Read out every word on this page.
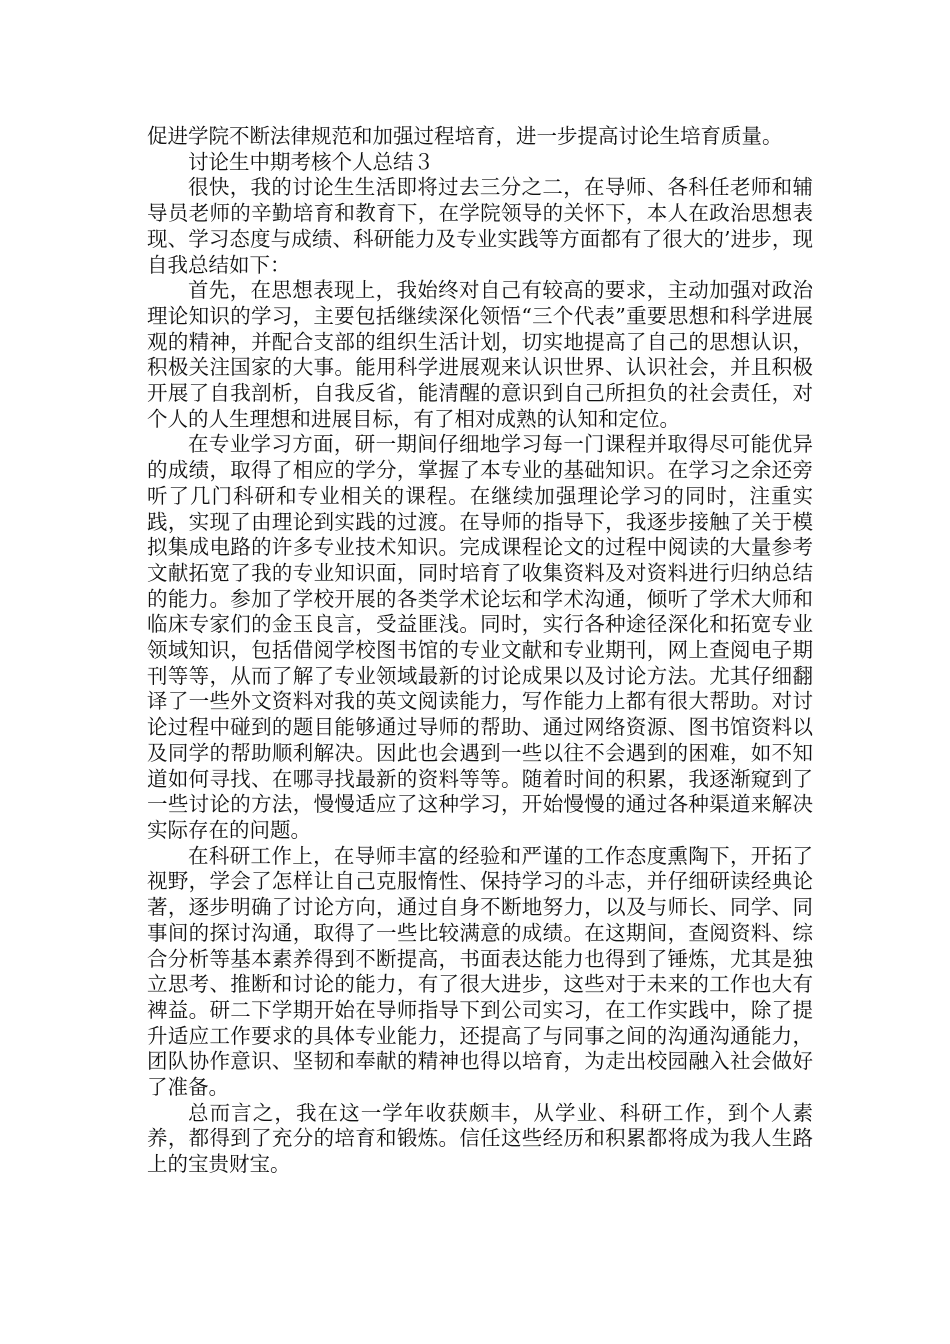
促进学院不断法律规范和加强过程培育，进一步提高讨论生培育质量。

讨论生中期考核个人总结３

很快，我的讨论生生活即将过去三分之二，在导师、各科任老师和辅导员老师的辛勤培育和教育下，在学院领导的关怀下，本人在政治思想表现、学习态度与成绩、科研能力及专业实践等方面都有了很大的’进步，现自我总结如下：

首先，在思想表现上，我始终对自己有较高的要求，主动加强对政治理论知识的学习，主要包括继续深化领悟“三个代表”重要思想和科学进展观的精神，并配合支部的组织生活计划，切实地提高了自己的思想认识，积极关注国家的大事。能用科学进展观来认识世界、认识社会，并且积极开展了自我剖析，自我反省，能清醒的意识到自己所担负的社会责任，对个人的人生理想和进展目标，有了相对成熟的认知和定位。

在专业学习方面，研一期间仔细地学习每一门课程并取得尽可能优异的成绩，取得了相应的学分，掌握了本专业的基础知识。在学习之余还旁听了几门科研和专业相关的课程。在继续加强理论学习的同时，注重实践，实现了由理论到实践的过渡。在导师的指导下，我逐步接触了关于模拟集成电路的许多专业技术知识。完成课程论文的过程中阅读的大量参考文献拓宽了我的专业知识面，同时培育了收集资料及对资料进行归纳总结的能力。参加了学校开展的各类学术论坛和学术沟通，倾听了学术大师和临床专家们的金玉良言，受益匪浅。同时，实行各种途径深化和拓宽专业领域知识，包括借阅学校图书馆的专业文献和专业期刊，网上查阅电子期刊等等，从而了解了专业领域最新的讨论成果以及讨论方法。尤其仔细翻译了一些外文资料对我的英文阅读能力，写作能力上都有很大帮助。对讨论过程中碰到的题目能够通过导师的帮助、通过网络资源、图书馆资料以及同学的帮助顺利解决。因此也会遇到一些以往不会遇到的困难，如不知道如何寻找、在哪寻找最新的资料等等。随着时间的积累，我逐渐窥到了一些讨论的方法，慢慢适应了这种学习，开始慢慢的通过各种渠道来解决实际存在的问题。

在科研工作上，在导师丰富的经验和严谨的工作态度熏陶下，开拓了视野，学会了怎样让自己克服惰性、保持学习的斗志，并仔细研读经典论著，逐步明确了讨论方向，通过自身不断地努力，以及与师长、同学、同事间的探讨沟通，取得了一些比较满意的成绩。在这期间，查阅资料、综合分析等基本素养得到不断提高，书面表达能力也得到了锤炼，尤其是独立思考、推断和讨论的能力，有了很大进步，这些对于未来的工作也大有裨益。研二下学期开始在导师指导下到公司实习，在工作实践中，除了提升适应工作要求的具体专业能力，还提高了与同事之间的沟通沟通能力，团队协作意识、坚韧和奉献的精神也得以培育，为走出校园融入社会做好了准备。

总而言之，我在这一学年收获颇丰，从学业、科研工作，到个人素养，都得到了充分的培育和锻炼。信任这些经历和积累都将成为我人生路上的宝贵财宝。
